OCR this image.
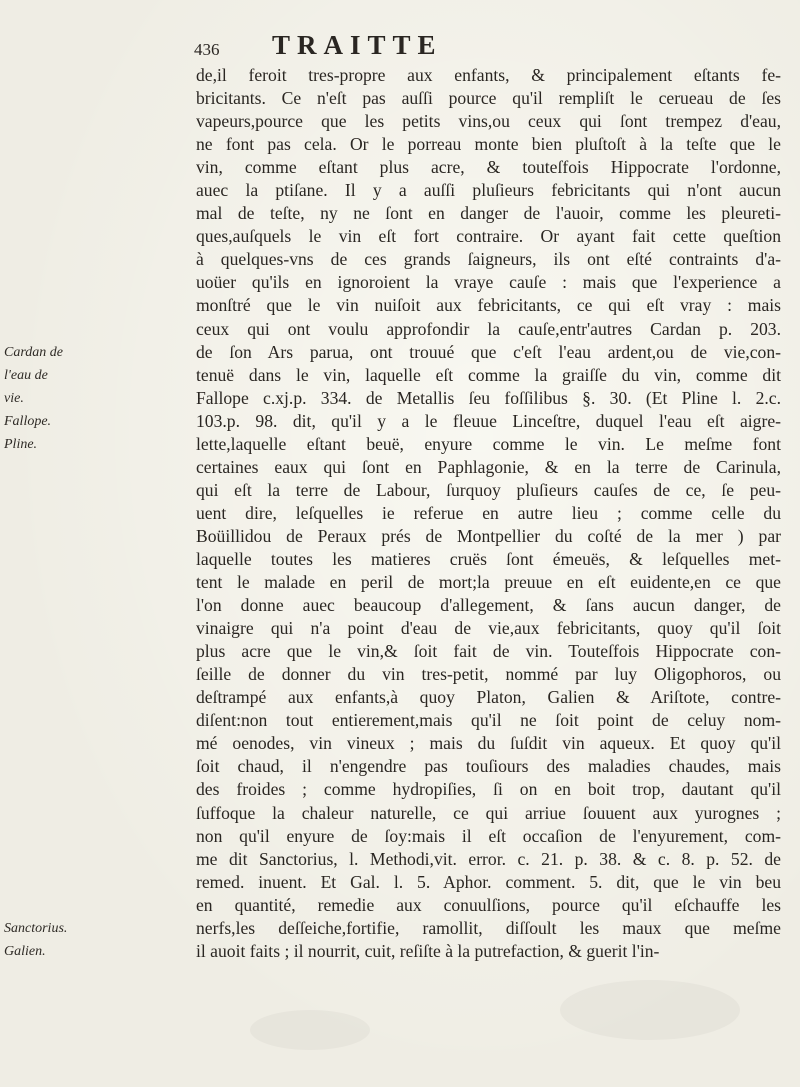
436 TRAITTE
Cardan de
l'eau de
vie.
Fallope.
Pline.
Sanctorius.
Galien.
de,il feroit tres-propre aux enfants, & principalement eſtants fe-
bricitants. Ce n'eſt pas auſſi pource qu'il rempliſt le cerueau de ſes
vapeurs,pource que les petits vins,ou ceux qui ſont trempez d'eau,
ne font pas cela. Or le porreau monte bien pluſtoſt à la teſte que le
vin, comme eſtant plus acre, & touteſfois Hippocrate l'ordonne,
auec la ptiſane. Il y a auſſi pluſieurs febricitants qui n'ont aucun
mal de teſte, ny ne ſont en danger de l'auoir, comme les pleureti-
ques,auſquels le vin eſt fort contraire. Or ayant fait cette queſtion
à quelques-vns de ces grands ſaigneurs, ils ont eſté contraints d'a-
uoüer qu'ils en ignoroient la vraye cauſe : mais que l'experience a
monſtré que le vin nuiſoit aux febricitants, ce qui eſt vray : mais
ceux qui ont voulu approfondir la cauſe,entr'autres Cardan p. 203.
de ſon Ars parua, ont trouué que c'eſt l'eau ardent,ou de vie,con-
tenuë dans le vin, laquelle eſt comme la graiſſe du vin, comme dit
Fallope c.xj.p. 334. de Metallis ſeu foſſilibus §. 30. (Et Pline l. 2.c.
103.p. 98. dit, qu'il y a le fleuue Linceſtre, duquel l'eau eſt aigre-
lette,laquelle eſtant beuë, enyure comme le vin. Le meſme font
certaines eaux qui ſont en Paphlagonie, & en la terre de Carinula,
qui eſt la terre de Labour, ſurquoy pluſieurs cauſes de ce, ſe peu-
uent dire, leſquelles ie referue en autre lieu ; comme celle du
Boüillidou de Peraux prés de Montpellier du coſté de la mer ) par
laquelle toutes les matieres cruës ſont émeuës, & leſquelles met-
tent le malade en peril de mort;la preuue en eſt euidente,en ce que
l'on donne auec beaucoup d'allegement, & ſans aucun danger, de
vinaigre qui n'a point d'eau de vie,aux febricitants, quoy qu'il ſoit
plus acre que le vin,& ſoit fait de vin. Touteſfois Hippocrate con-
ſeille de donner du vin tres-petit, nommé par luy Oligophoros, ou
deſtrampé aux enfants,à quoy Platon, Galien & Ariſtote, contre-
diſent:non tout entierement,mais qu'il ne ſoit point de celuy nom-
mé oenodes, vin vineux ; mais du ſuſdit vin aqueux. Et quoy qu'il
ſoit chaud, il n'engendre pas touſiours des maladies chaudes, mais
des froides ; comme hydropiſies, ſi on en boit trop, dautant qu'il
ſuffoque la chaleur naturelle, ce qui arriue ſouuent aux yurognes ;
non qu'il enyure de ſoy:mais il eſt occaſion de l'enyurement, com-
me dit Sanctorius, l. Methodi,vit. error. c. 21. p. 38. & c. 8. p. 52. de
remed. inuent. Et Gal. l. 5. Aphor. comment. 5. dit, que le vin beu
en quantité, remedie aux conuulſions, pource qu'il eſchauffe les
nerfs,les deſſeiche,fortifie, ramollit, diſſoult les maux que meſme
il auoit faits ; il nourrit, cuit, reſiſte à la putrefaction, & guerit l'in-
